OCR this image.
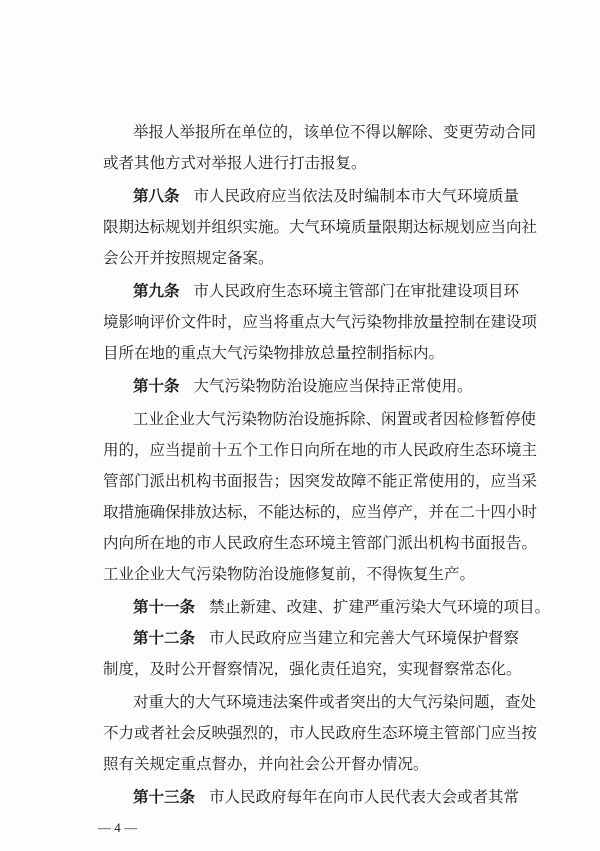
举报人举报所在单位的，该单位不得以解除、变更劳动合同
或者其他方式对举报人进行打击报复。
第八条 市人民政府应当依法及时编制本市大气环境质量
限期达标规划并组织实施。大气环境质量限期达标规划应当向社
会公开并按照规定备案。
第九条 市人民政府生态环境主管部门在审批建设项目环
境影响评价文件时，应当将重点大气污染物排放量控制在建设项
目所在地的重点大气污染物排放总量控制指标内。
第十条 大气污染物防治设施应当保持正常使用。
工业企业大气污染物防治设施拆除、闲置或者因检修暂停使
用的，应当提前十五个工作日向所在地的市人民政府生态环境主
管部门派出机构书面报告；因突发故障不能正常使用的，应当采
取措施确保排放达标，不能达标的，应当停产，并在二十四小时
内向所在地的市人民政府生态环境主管部门派出机构书面报告。
工业企业大气污染物防治设施修复前，不得恢复生产。
第十一条 禁止新建、改建、扩建严重污染大气环境的项目。
第十二条 市人民政府应当建立和完善大气环境保护督察
制度，及时公开督察情况，强化责任追究，实现督察常态化。
对重大的大气环境违法案件或者突出的大气污染问题，查处
不力或者社会反映强烈的，市人民政府生态环境主管部门应当按
照有关规定重点督办，并向社会公开督办情况。
第十三条 市人民政府每年在向市人民代表大会或者其常
— 4 —
